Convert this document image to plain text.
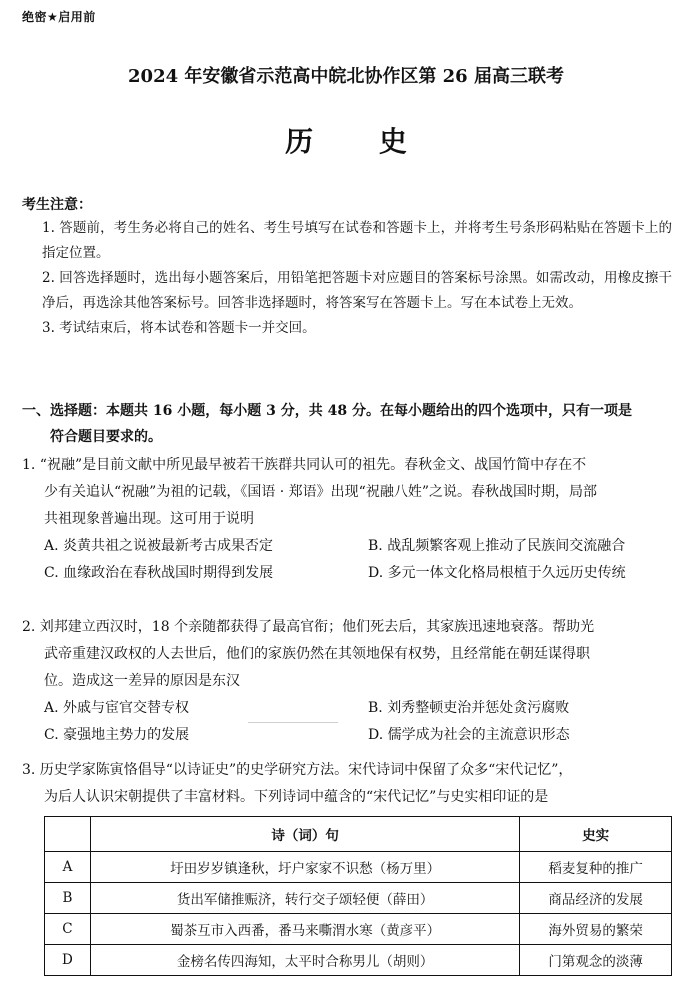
绝密★启用前
2024 年安徽省示范高中皖北协作区第 26 届高三联考
历 史
考生注意：
1. 答题前，考生务必将自己的姓名、考生号填写在试卷和答题卡上，并将考生号条形码粘贴在答题卡上的指定位置。
2. 回答选择题时，选出每小题答案后，用铅笔把答题卡对应题目的答案标号涂黑。如需改动，用橡皮擦干净后，再选涂其他答案标号。回答非选择题时，将答案写在答题卡上。写在本试卷上无效。
3. 考试结束后，将本试卷和答题卡一并交回。
一、选择题：本题共 16 小题，每小题 3 分，共 48 分。在每小题给出的四个选项中，只有一项是
符合题目要求的。
1. “祝融”是目前文献中所见最早被若干族群共同认可的祖先。春秋金文、战国竹简中存在不
少有关追认“祝融”为祖的记载，《国语 · 郑语》出现“祝融八姓”之说。春秋战国时期，局部
共祖现象普遍出现。这可用于说明
A. 炎黄共祖之说被最新考古成果否定	B. 战乱频繁客观上推动了民族间交流融合
C. 血缘政治在春秋战国时期得到发展	D. 多元一体文化格局根植于久远历史传统
2. 刘邦建立西汉时，18 个亲随都获得了最高官衔；他们死去后，其家族迅速地衰落。帮助光
武帝重建汉政权的人去世后，他们的家族仍然在其领地保有权势，且经常能在朝廷谋得职
位。造成这一差异的原因是东汉
A. 外戚与宦官交替专权	B. 刘秀整顿吏治并惩处贪污腐败
C. 豪强地主势力的发展	D. 儒学成为社会的主流意识形态
3. 历史学家陈寅恪倡导“以诗证史”的史学研究方法。宋代诗词中保留了众多“宋代记忆”，
为后人认识宋朝提供了丰富材料。下列诗词中蕴含的“宋代记忆”与史实相印证的是
	诗（词）句	史实
A	圩田岁岁镇逢秋，圩户家家不识愁（杨万里）	稻麦复种的推广
B	货出军储推赈济，转行交子颂轻便（薛田）	商品经济的发展
C	蜀茶互市入西番，番马来嘶渭水寒（黄彦平）	海外贸易的繁荣
D	金榜名传四海知，太平时合称男儿（胡则）	门第观念的淡薄
